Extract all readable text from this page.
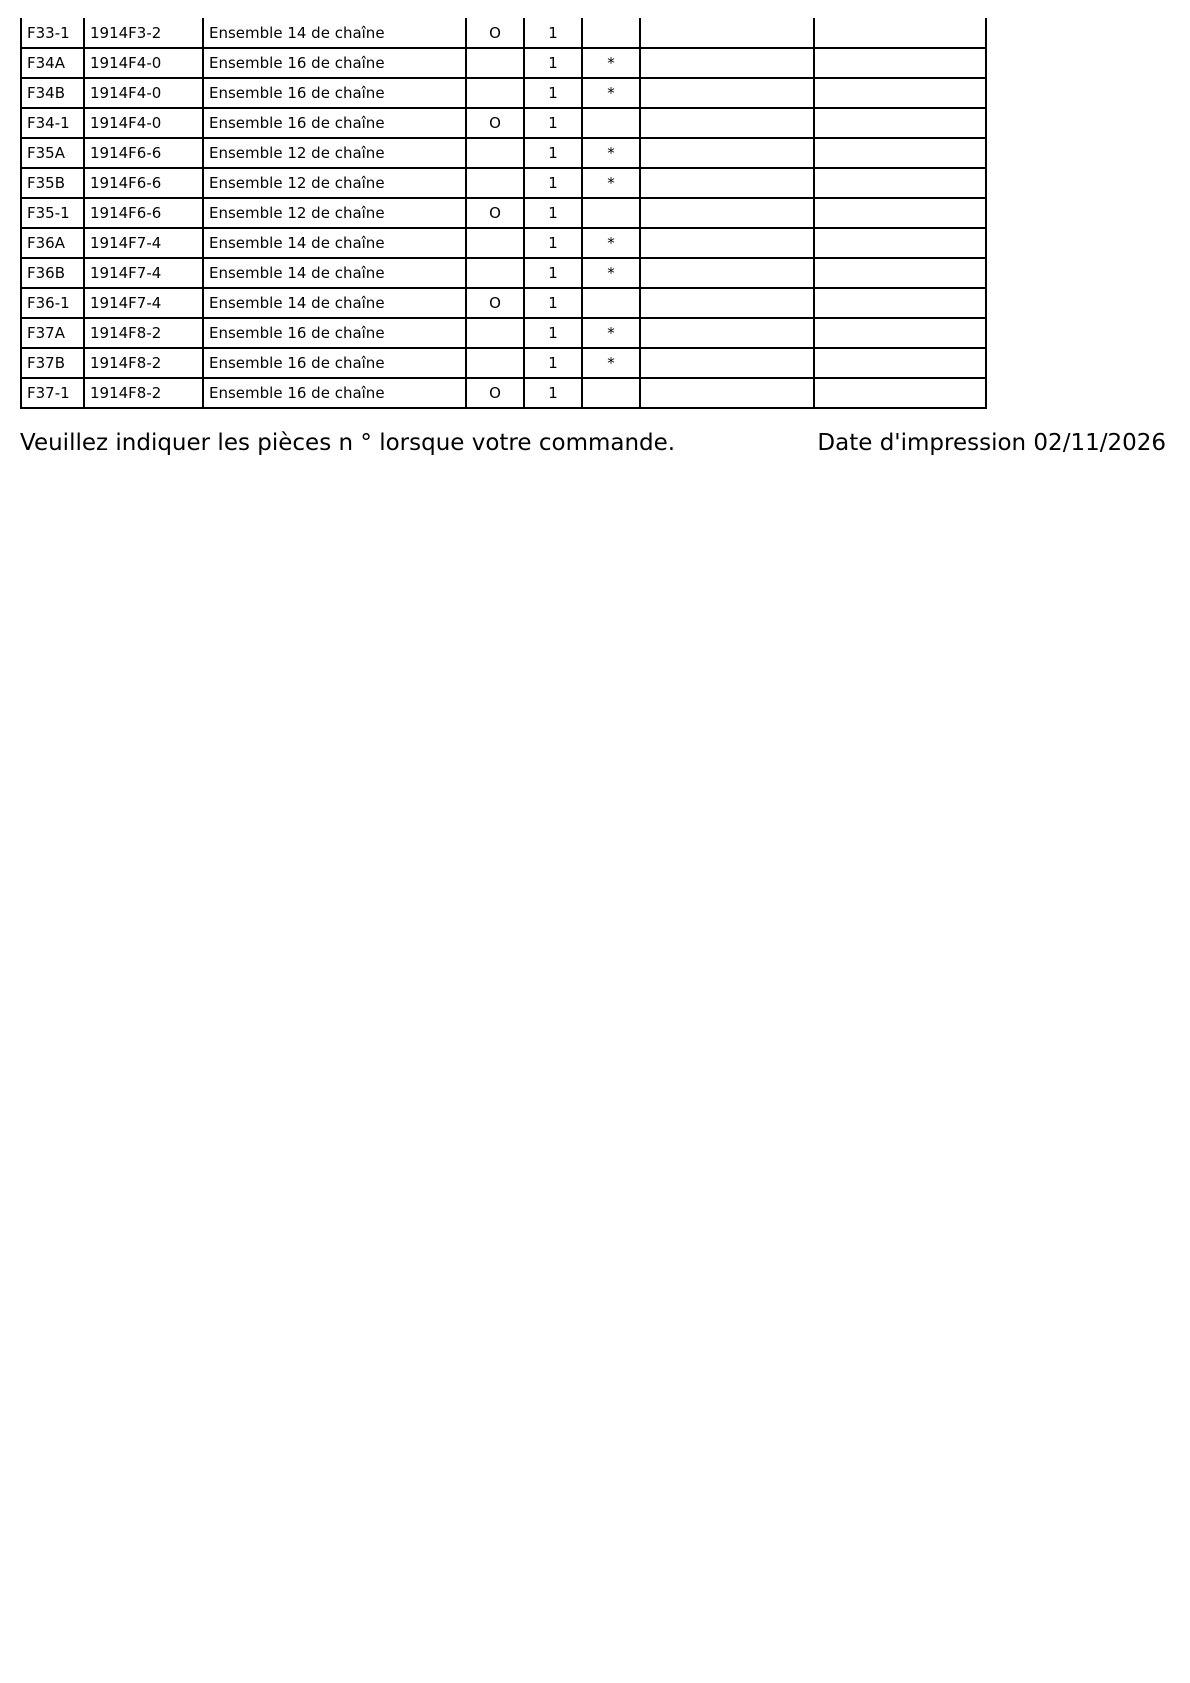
F33-1	1914F3-2	Ensemble 14 de chaîne	O	1			
F34A	1914F4-0	Ensemble 16 de chaîne		1	*		
F34B	1914F4-0	Ensemble 16 de chaîne		1	*		
F34-1	1914F4-0	Ensemble 16 de chaîne	O	1			
F35A	1914F6-6	Ensemble 12 de chaîne		1	*		
F35B	1914F6-6	Ensemble 12 de chaîne		1	*		
F35-1	1914F6-6	Ensemble 12 de chaîne	O	1			
F36A	1914F7-4	Ensemble 14 de chaîne		1	*		
F36B	1914F7-4	Ensemble 14 de chaîne		1	*		
F36-1	1914F7-4	Ensemble 14 de chaîne	O	1			
F37A	1914F8-2	Ensemble 16 de chaîne		1	*		
F37B	1914F8-2	Ensemble 16 de chaîne		1	*		
F37-1	1914F8-2	Ensemble 16 de chaîne	O	1			
Veuillez indiquer les pièces n ° lorsque votre commande.	Date d'impression 02/11/2026
